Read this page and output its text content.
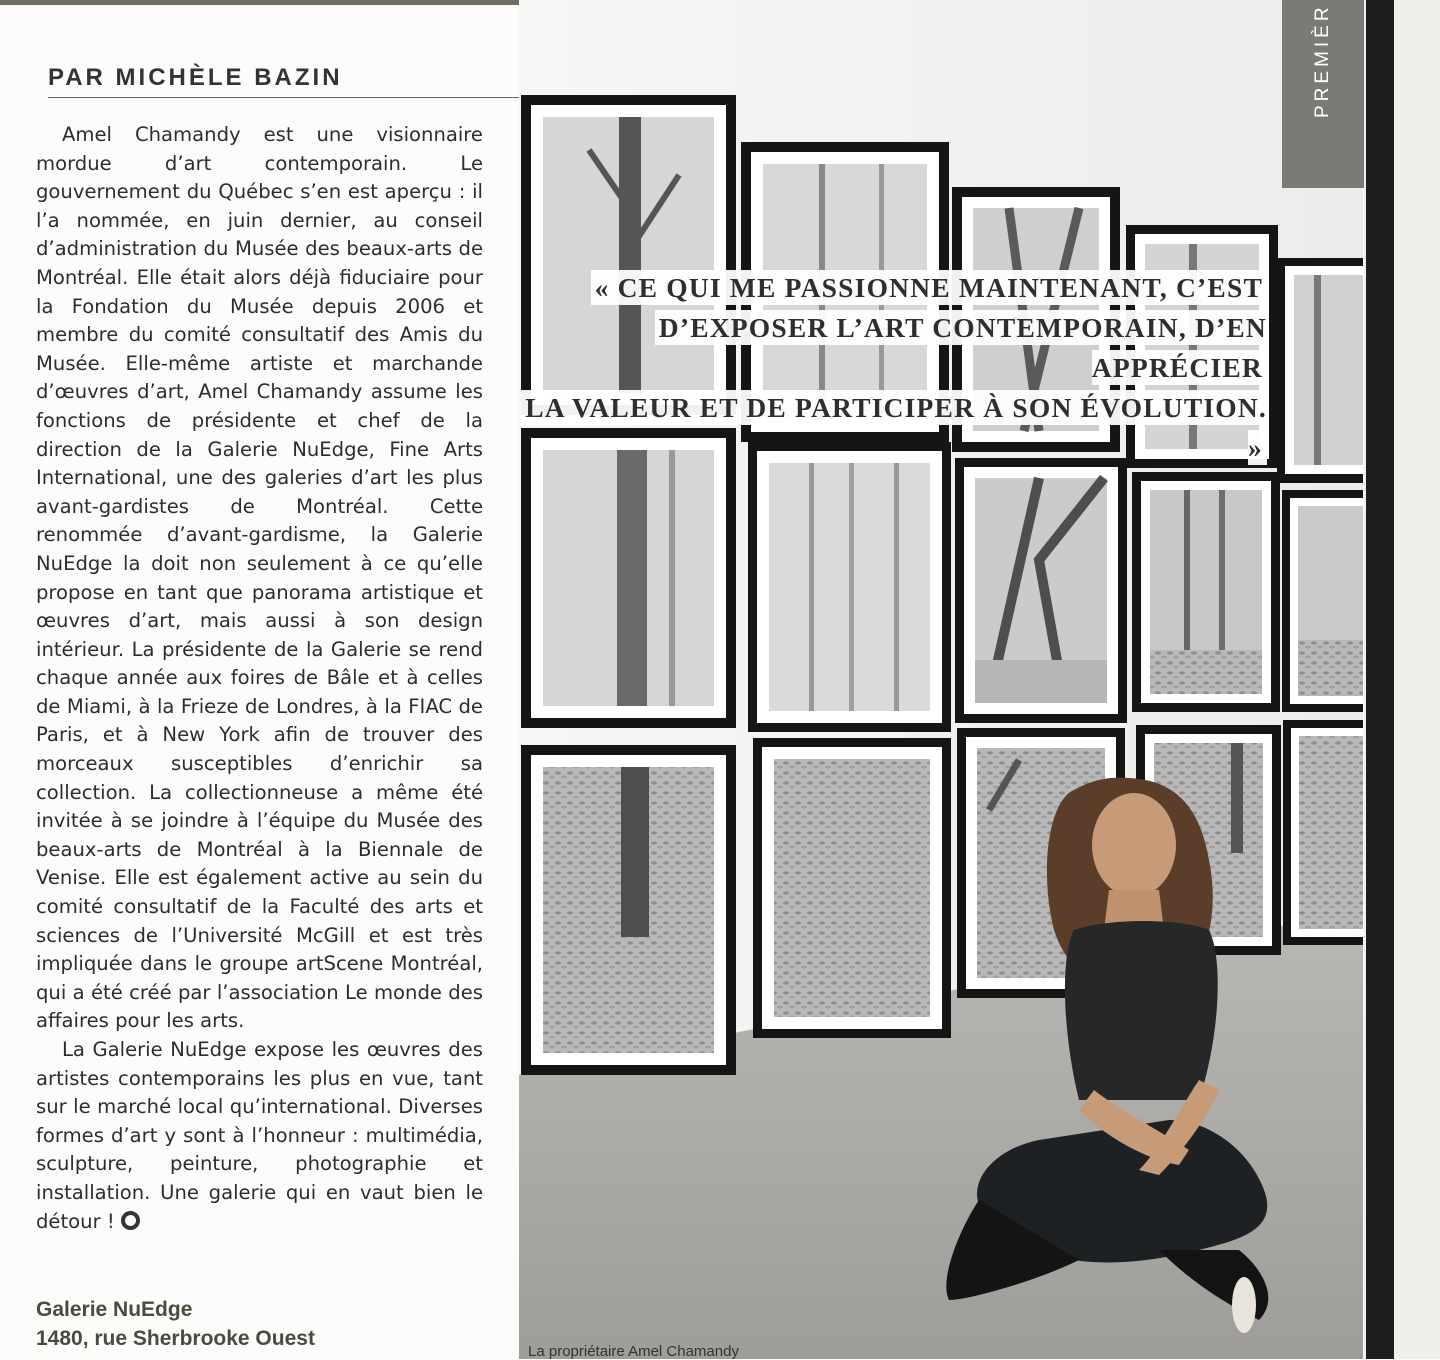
PAR MICHÈLE BAZIN

Amel Chamandy est une visionnaire mordue d’art contemporain. Le gouvernement du Québec s’en est aperçu : il l’a nommée, en juin dernier, au conseil d’administration du Musée des beaux-arts de Montréal. Elle était alors déjà fiduciaire pour la Fondation du Musée depuis 2006 et membre du comité consultatif des Amis du Musée. Elle-même artiste et marchande d’œuvres d’art, Amel Chamandy assume les fonctions de présidente et chef de la direction de la Galerie NuEdge, Fine Arts International, une des galeries d’art les plus avant-gardistes de Montréal. Cette renommée d’avant-gardisme, la Galerie NuEdge la doit non seulement à ce qu’elle propose en tant que panorama artistique et œuvres d’art, mais aussi à son design intérieur. La présidente de la Galerie se rend chaque année aux foires de Bâle et à celles de Miami, à la Frieze de Londres, à la FIAC de Paris, et à New York afin de trouver des morceaux susceptibles d’enrichir sa collection. La collectionneuse a même été invitée à se joindre à l’équipe du Musée des beaux-arts de Montréal à la Biennale de Venise. Elle est également active au sein du comité consultatif de la Faculté des arts et sciences de l’Université McGill et est très impliquée dans le groupe artScene Montréal, qui a été créé par l’association Le monde des affaires pour les arts.

La Galerie NuEdge expose les œuvres des artistes contemporains les plus en vue, tant sur le marché local qu’international. Diverses formes d’art y sont à l’honneur : multimédia, sculpture, peinture, photographie et installation. Une galerie qui en vaut bien le détour !

Galerie NuEdge
1480, rue Sherbrooke Ouest

« CE QUI ME PASSIONNE MAINTENANT, C’EST
D’EXPOSER L’ART CONTEMPORAIN, D’EN APPRÉCIER
LA VALEUR ET DE PARTICIPER À SON ÉVOLUTION. »

La propriétaire Amel Chamandy
PREMIÈR
